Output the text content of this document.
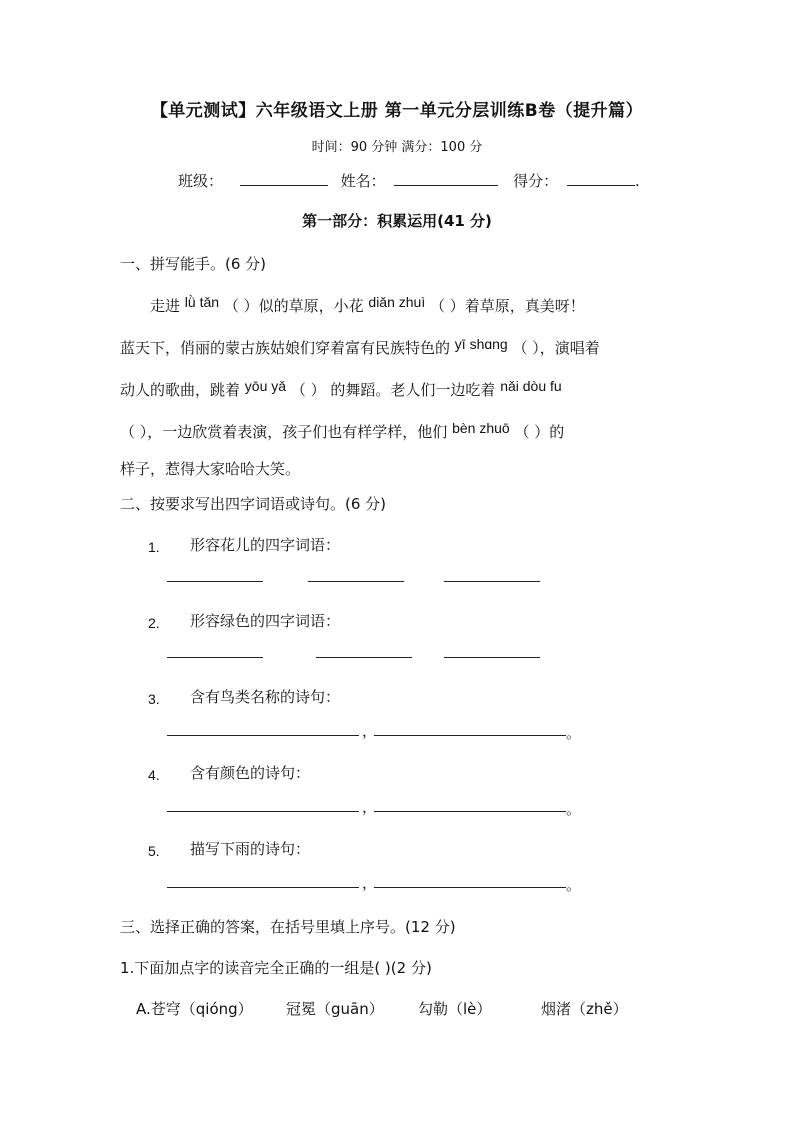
【单元测试】六年级语文上册 第一单元分层训练B卷（提升篇）
时间：90 分钟 满分：100 分
班级：	姓名：	得分：	.
第一部分：积累运用(41 分)
一、拼写能手。(6 分)
走进 lǜ tǎn （ ）似的草原，小花 diǎn zhuì （ ）着草原，真美呀！
蓝天下，俏丽的蒙古族姑娘们穿着富有民族特色的 yī shɑng （ ），演唱着
动人的歌曲，跳着 yōu yǎ （ ） 的舞蹈。老人们一边吃着 nǎi dòu fu
（ ），一边欣赏着表演，孩子们也有样学样，他们 bèn zhuō （ ）的
样子，惹得大家哈哈大笑。
二、按要求写出四字词语或诗句。(6 分)
1. 形容花儿的四字词语：
2. 形容绿色的四字词语：
3. 含有鸟类名称的诗句：
，	。
4. 含有颜色的诗句：
，	。
5. 描写下雨的诗句：
，	。
三、选择正确的答案，在括号里填上序号。(12 分)
1.下面加点字的读音完全正确的一组是( )(2 分)
A.苍穹（qióng） 冠冕（guān） 勾勒（lè）	烟渚（zhě）
